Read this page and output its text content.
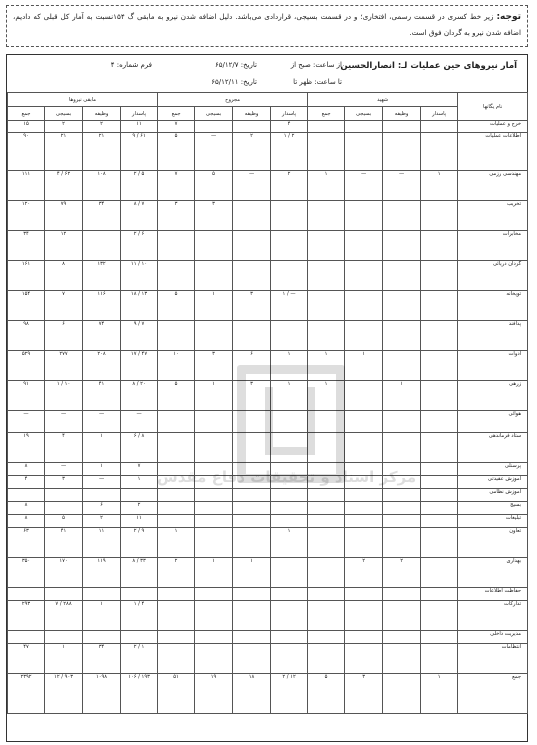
توجه: زیر خط کسری در قسمت رسمی، افتخاری؛ و در قسمت بسیجی، قراردادی می‌باشد. دلیل اضافه شدن نیرو به مابقی گ ۱۵۴نسبت به آمار کل قبلی که دادیم، اضافه شدن نیرو به گردان فوق است.
آمار نیروهای حین عملیات لـ: انصارالحسین
از ساعت: صبح از
تاریخ: ۶۵/۱۲/۷
فرم شماره: ۴
تا ساعت: ظهر تا
تاریخ: ۶۵/۱۲/۱۱
نام یگانها	شهید				مجروح				مابقی نیروها			
	پاسدار	وظیفه	بسیجی	جمع	پاسدار	وظیفه	بسیجی	جمع	پاسدار	وظیفه	بسیجی	جمع
خرج و عملیات					۴			۷	۱۱	۲	۲	۱۵
اطلاعات عملیات					۲ / ۱	۲	—	۵	۶۱ / ۹	۲۱	۲۱	۹۰
مهندسی رزمی	۱	—	—	۱	۲	—	۵	۷	۵ / ۲	۱۰۸	۶۲ / ۴	۱۱۱
تخریب							۳	۳	۷ / ۸	۳۴	۷۹	۱۲۰
مخابرات									۶ / ۲		۱۲	۳۴
گردان دریائی									۱۰ / ۱۱	۱۳۲	۸	۱۶۱
توپخانه					— / ۱	۳	۱	۵	۱۳ / ۱۸	۱۱۶	۷	۱۵۴
پدافند									۷ / ۹	۷۴	۶	۹۸
ادوات			۱	۱	۱	۶	۳	۱۰	۴۷ / ۱۷	۲۰۸	۲۷۷	۵۲۹
زرهی		۱		۱	۱	۳	۱	۵	۲۰ / ۸	۴۱	۱۰ / ۱	۹۱
هوائی									—	—	—	—
ستاد فرماندهی									۸ / ۶	۱	۴	۱۹
پرسنلی									۷	۱	—	۸
آموزش عقیدتی									۱	—	۳	۴
آموزش نظامی												
بسیج									۲	۶		۸
تبلیغات									۱۱	۲	۵	۸
تعاون					۱			۱	۹ / ۲	۱۱	۴۱	۶۳
بهداری		۲	۲			۱	۱	۲	۳۳ / ۸	۱۱۹	۱۷۰	۳۵۰
حفاظت اطلاعات												
تدارکات									۴ / ۱	۱	۲۸۸ / ۷	۲۹۳
مدیریت داخلی												
انتظامات									۱ / ۲	۳۴	۱	۴۷
جمع	۱		۳	۵	۱۲ / ۲	۱۸	۱۹	۵۱	۱۹۳ / ۱۰۶	۱۰۹۸	۹۰۳ / ۱۲	۲۳۹۲
مرکز اسناد و تحقیقات دفاع مقدس
